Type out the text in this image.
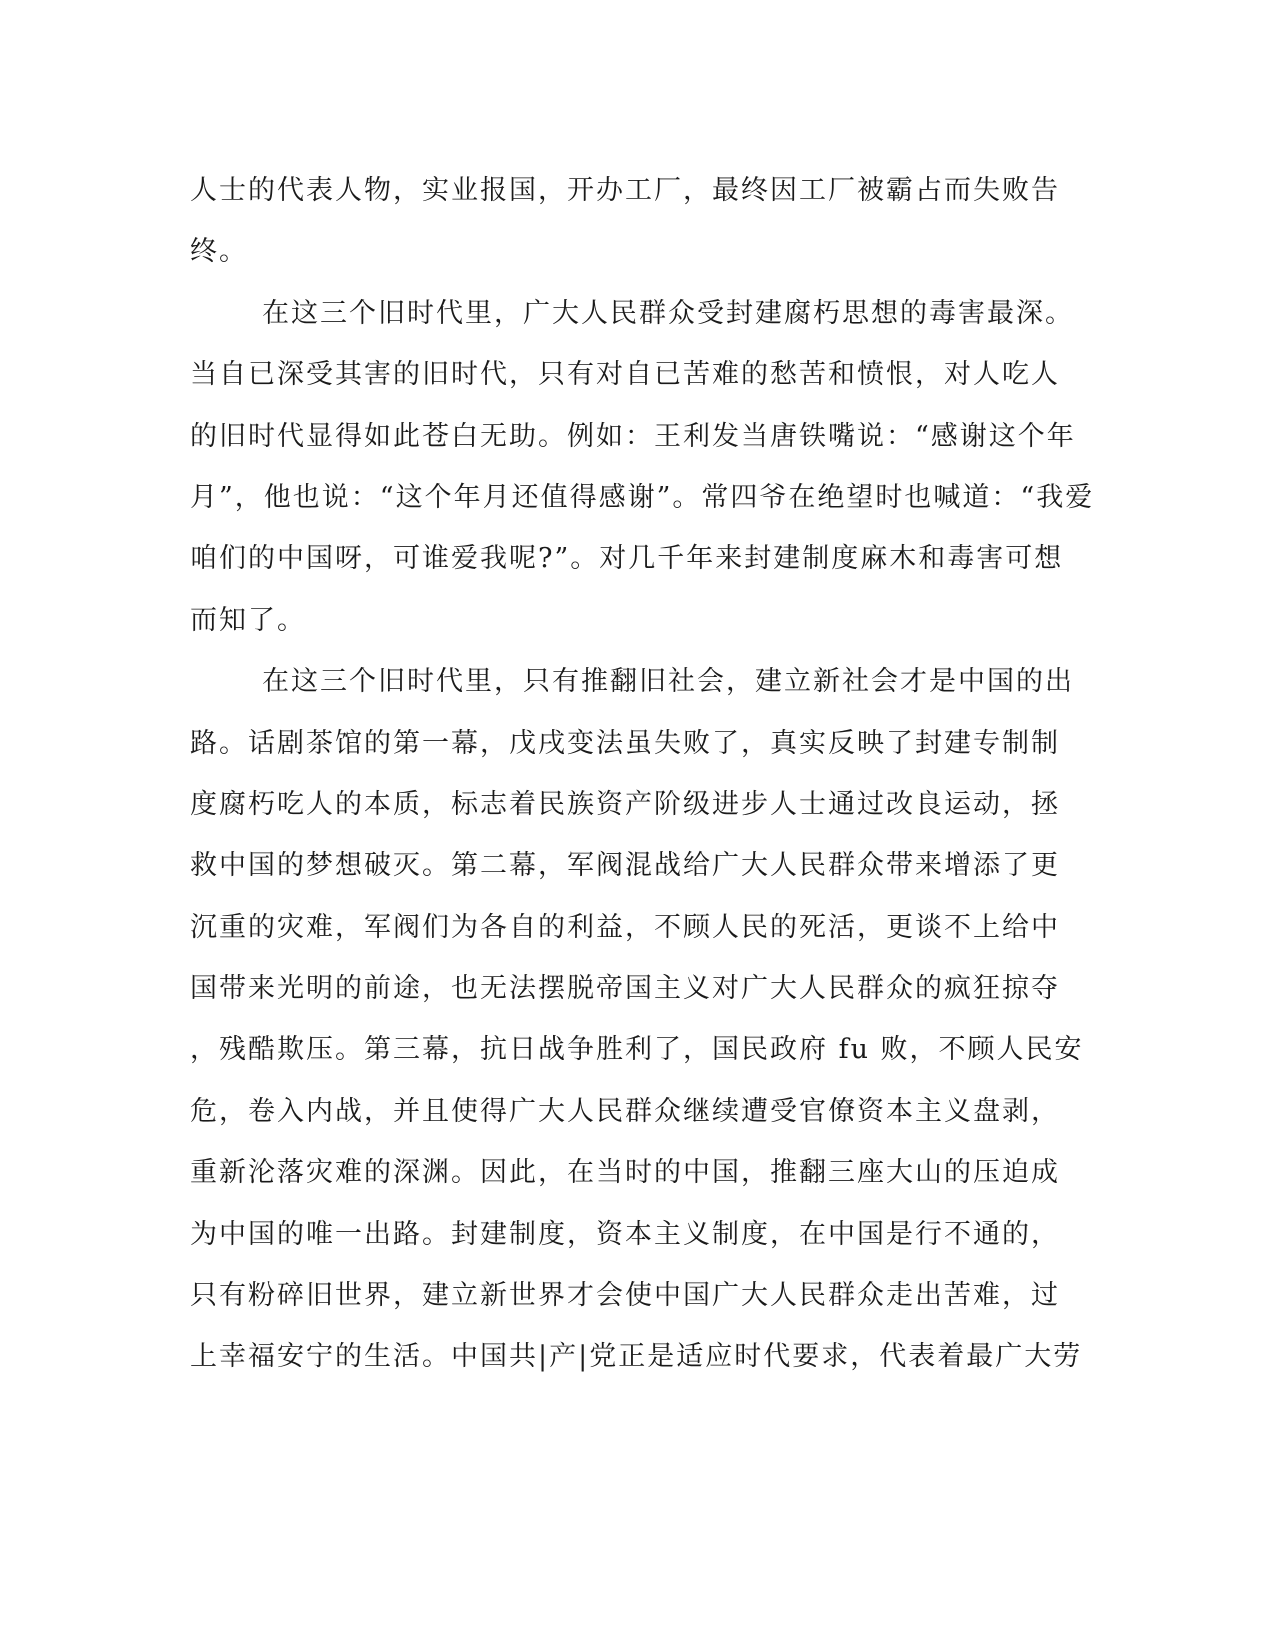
人士的代表人物，实业报国，开办工厂，最终因工厂被霸占而失败告
终。
在这三个旧时代里，广大人民群众受封建腐朽思想的毒害最深。
当自已深受其害的旧时代，只有对自已苦难的愁苦和愤恨，对人吃人
的旧时代显得如此苍白无助。例如：王利发当唐铁嘴说：“感谢这个年
月”，他也说：“这个年月还值得感谢”。常四爷在绝望时也喊道：“我爱
咱们的中国呀，可谁爱我呢?”。对几千年来封建制度麻木和毒害可想
而知了。
在这三个旧时代里，只有推翻旧社会，建立新社会才是中国的出
路。话剧茶馆的第一幕，戊戌变法虽失败了，真实反映了封建专制制
度腐朽吃人的本质，标志着民族资产阶级进步人士通过改良运动，拯
救中国的梦想破灭。第二幕，军阀混战给广大人民群众带来增添了更
沉重的灾难，军阀们为各自的利益，不顾人民的死活，更谈不上给中
国带来光明的前途，也无法摆脱帝国主义对广大人民群众的疯狂掠夺
，残酷欺压。第三幕，抗日战争胜利了，国民政府 fu 败，不顾人民安
危，卷入内战，并且使得广大人民群众继续遭受官僚资本主义盘剥，
重新沦落灾难的深渊。因此，在当时的中国，推翻三座大山的压迫成
为中国的唯一出路。封建制度，资本主义制度，在中国是行不通的，
只有粉碎旧世界，建立新世界才会使中国广大人民群众走出苦难，过
上幸福安宁的生活。中国共|产|党正是适应时代要求，代表着最广大劳
